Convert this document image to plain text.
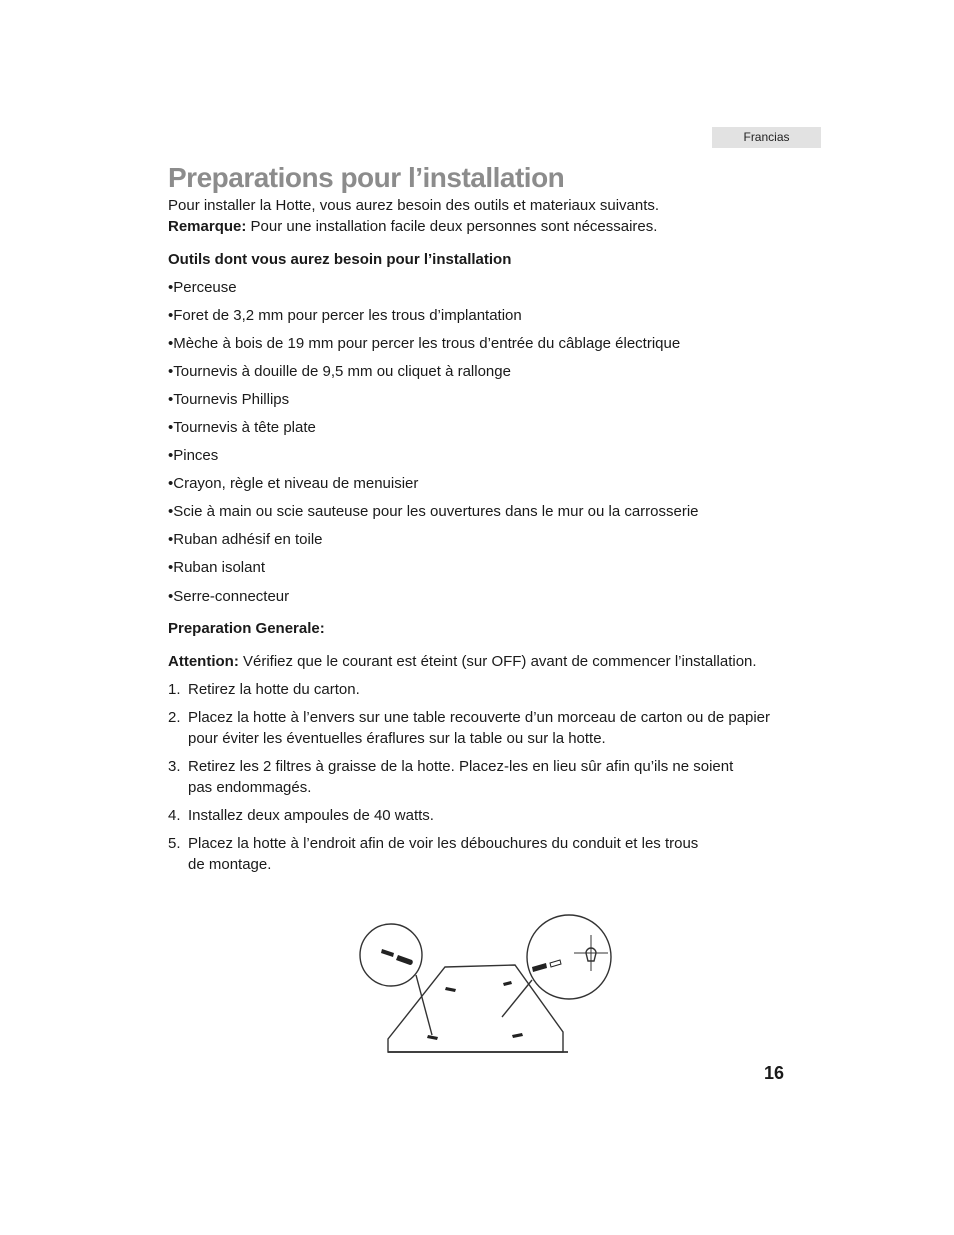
Francias
Preparations pour l’installation
Pour installer la Hotte, vous aurez besoin des outils et materiaux suivants.
Remarque: Pour une installation facile deux personnes sont nécessaires.
Outils dont vous aurez besoin pour l’installation
•Perceuse
•Foret de 3,2 mm pour percer les trous d’implantation
•Mèche à bois de 19 mm pour percer les trous d’entrée du câblage électrique
•Tournevis à douille de 9,5 mm ou cliquet à rallonge
•Tournevis Phillips
•Tournevis à tête plate
•Pinces
•Crayon, règle et niveau de menuisier
•Scie à main ou scie sauteuse pour les ouvertures dans le mur ou la carrosserie
•Ruban adhésif en toile
•Ruban isolant
•Serre-connecteur
Preparation Generale:
Attention: Vérifiez que le courant est éteint (sur OFF) avant de commencer l’installation.
1. Retirez la hotte du carton.
2. Placez la hotte à l’envers sur une table recouverte d’un morceau de carton ou de papier
pour éviter les éventuelles éraflures sur la table ou sur la hotte.
3. Retirez les 2 filtres à graisse de la hotte. Placez-les en lieu sûr afin qu’ils ne soient
pas endommagés.
4. Installez deux ampoules de 40 watts.
5. Placez la hotte à l’endroit afin de voir les débouchures du conduit et les trous
de montage.
16
